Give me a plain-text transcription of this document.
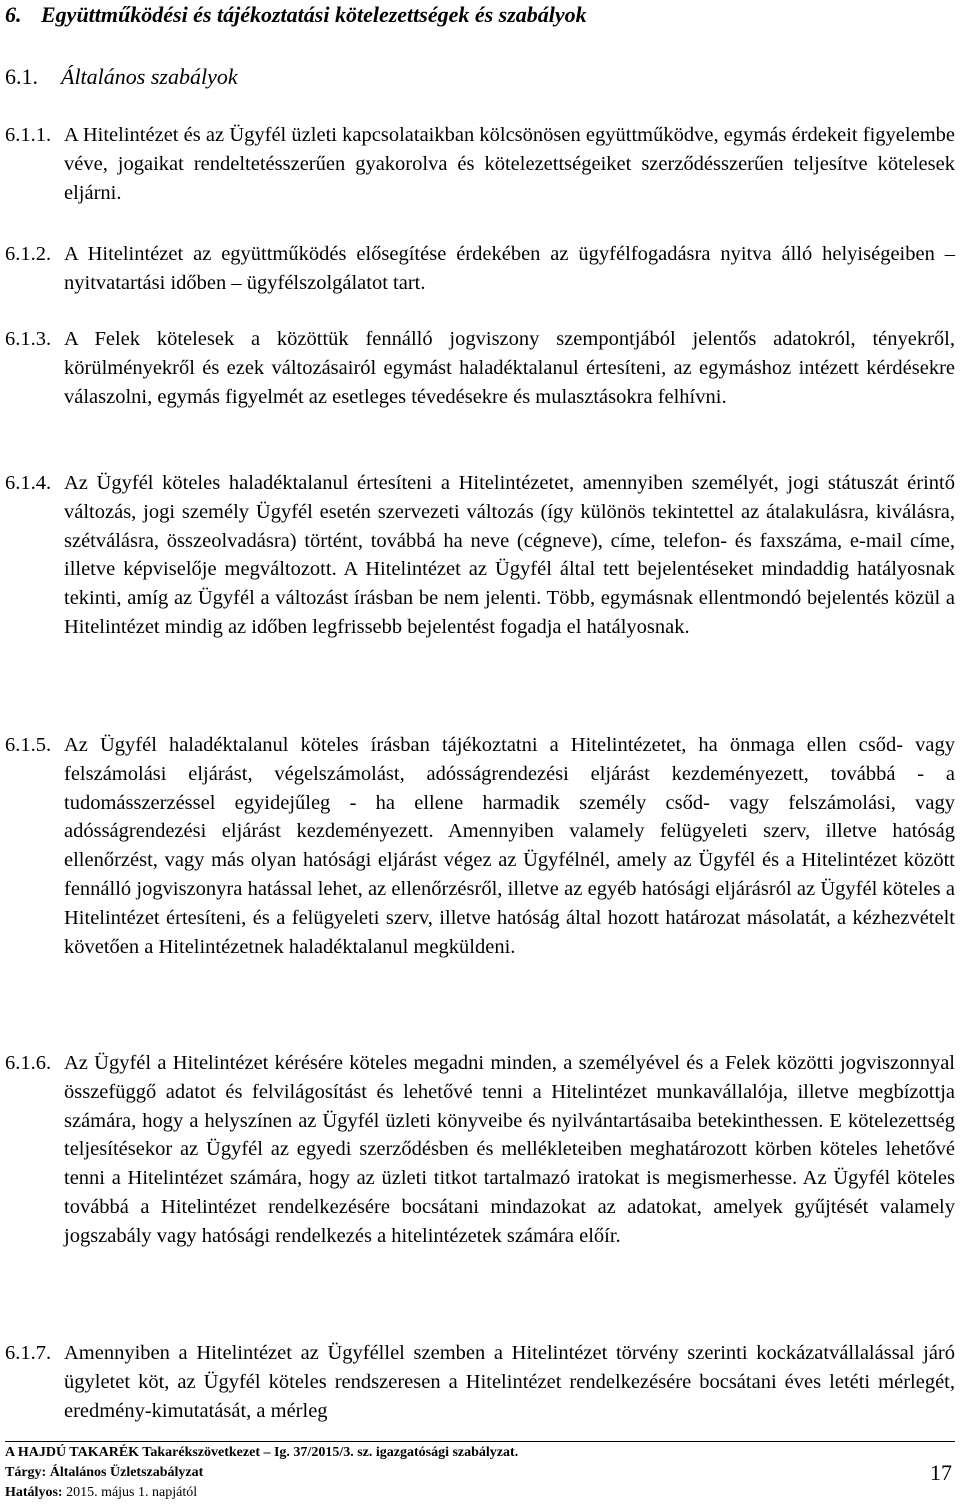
6. Együttműködési és tájékoztatási kötelezettségek és szabályok
6.1. Általános szabályok
6.1.1. A Hitelintézet és az Ügyfél üzleti kapcsolataikban kölcsönösen együttműködve, egymás érdekeit figyelembe véve, jogaikat rendeltetésszerűen gyakorolva és kötelezettségeiket szerződésszerűen teljesítve kötelesek eljárni.
6.1.2. A Hitelintézet az együttműködés elősegítése érdekében az ügyfélfogadásra nyitva álló helyiségeiben – nyitvatartási időben – ügyfélszolgálatot tart.
6.1.3. A Felek kötelesek a közöttük fennálló jogviszony szempontjából jelentős adatokról, tényekről, körülményekről és ezek változásairól egymást haladéktalanul értesíteni, az egymáshoz intézett kérdésekre válaszolni, egymás figyelmét az esetleges tévedésekre és mulasztásokra felhívni.
6.1.4. Az Ügyfél köteles haladéktalanul értesíteni a Hitelintézetet, amennyiben személyét, jogi státuszát érintő változás, jogi személy Ügyfél esetén szervezeti változás (így különös tekintettel az átalakulásra, kiválásra, szétválásra, összeolvadásra) történt, továbbá ha neve (cégneve), címe, telefon- és faxszáma, e-mail címe, illetve képviselője megváltozott. A Hitelintézet az Ügyfél által tett bejelentéseket mindaddig hatályosnak tekinti, amíg az Ügyfél a változást írásban be nem jelenti. Több, egymásnak ellentmondó bejelentés közül a Hitelintézet mindig az időben legfrissebb bejelentést fogadja el hatályosnak.
6.1.5. Az Ügyfél haladéktalanul köteles írásban tájékoztatni a Hitelintézetet, ha önmaga ellen csőd- vagy felszámolási eljárást, végelszámolást, adósságrendezési eljárást kezdeményezett, továbbá - a tudomásszerzéssel egyidejűleg - ha ellene harmadik személy csőd- vagy felszámolási, vagy adósságrendezési eljárást kezdeményezett. Amennyiben valamely felügyeleti szerv, illetve hatóság ellenőrzést, vagy más olyan hatósági eljárást végez az Ügyfélnél, amely az Ügyfél és a Hitelintézet között fennálló jogviszonyra hatással lehet, az ellenőrzésről, illetve az egyéb hatósági eljárásról az Ügyfél köteles a Hitelintézet értesíteni, és a felügyeleti szerv, illetve hatóság által hozott határozat másolatát, a kézhezvételt követően a Hitelintézetnek haladéktalanul megküldeni.
6.1.6. Az Ügyfél a Hitelintézet kérésére köteles megadni minden, a személyével és a Felek közötti jogviszonnyal összefüggő adatot és felvilágosítást és lehetővé tenni a Hitelintézet munkavállalója, illetve megbízottja számára, hogy a helyszínen az Ügyfél üzleti könyveibe és nyilvántartásaiba betekinthessen. E kötelezettség teljesítésekor az Ügyfél az egyedi szerződésben és mellékleteiben meghatározott körben köteles lehetővé tenni a Hitelintézet számára, hogy az üzleti titkot tartalmazó iratokat is megismerhesse. Az Ügyfél köteles továbbá a Hitelintézet rendelkezésére bocsátani mindazokat az adatokat, amelyek gyűjtését valamely jogszabály vagy hatósági rendelkezés a hitelintézetek számára előír.
6.1.7. Amennyiben a Hitelintézet az Ügyféllel szemben a Hitelintézet törvény szerinti kockázatvállalással járó ügyletet köt, az Ügyfél köteles rendszeresen a Hitelintézet rendelkezésére bocsátani éves letéti mérlegét, eredmény-kimutatását, a mérleg
A HAJDÚ TAKARÉK Takarékszövetkezet – Ig. 37/2015/3. sz. igazgatósági szabályzat.
Tárgy: Általános Üzletszabályzat
Hatályos: 2015. május 1. napjától
17
